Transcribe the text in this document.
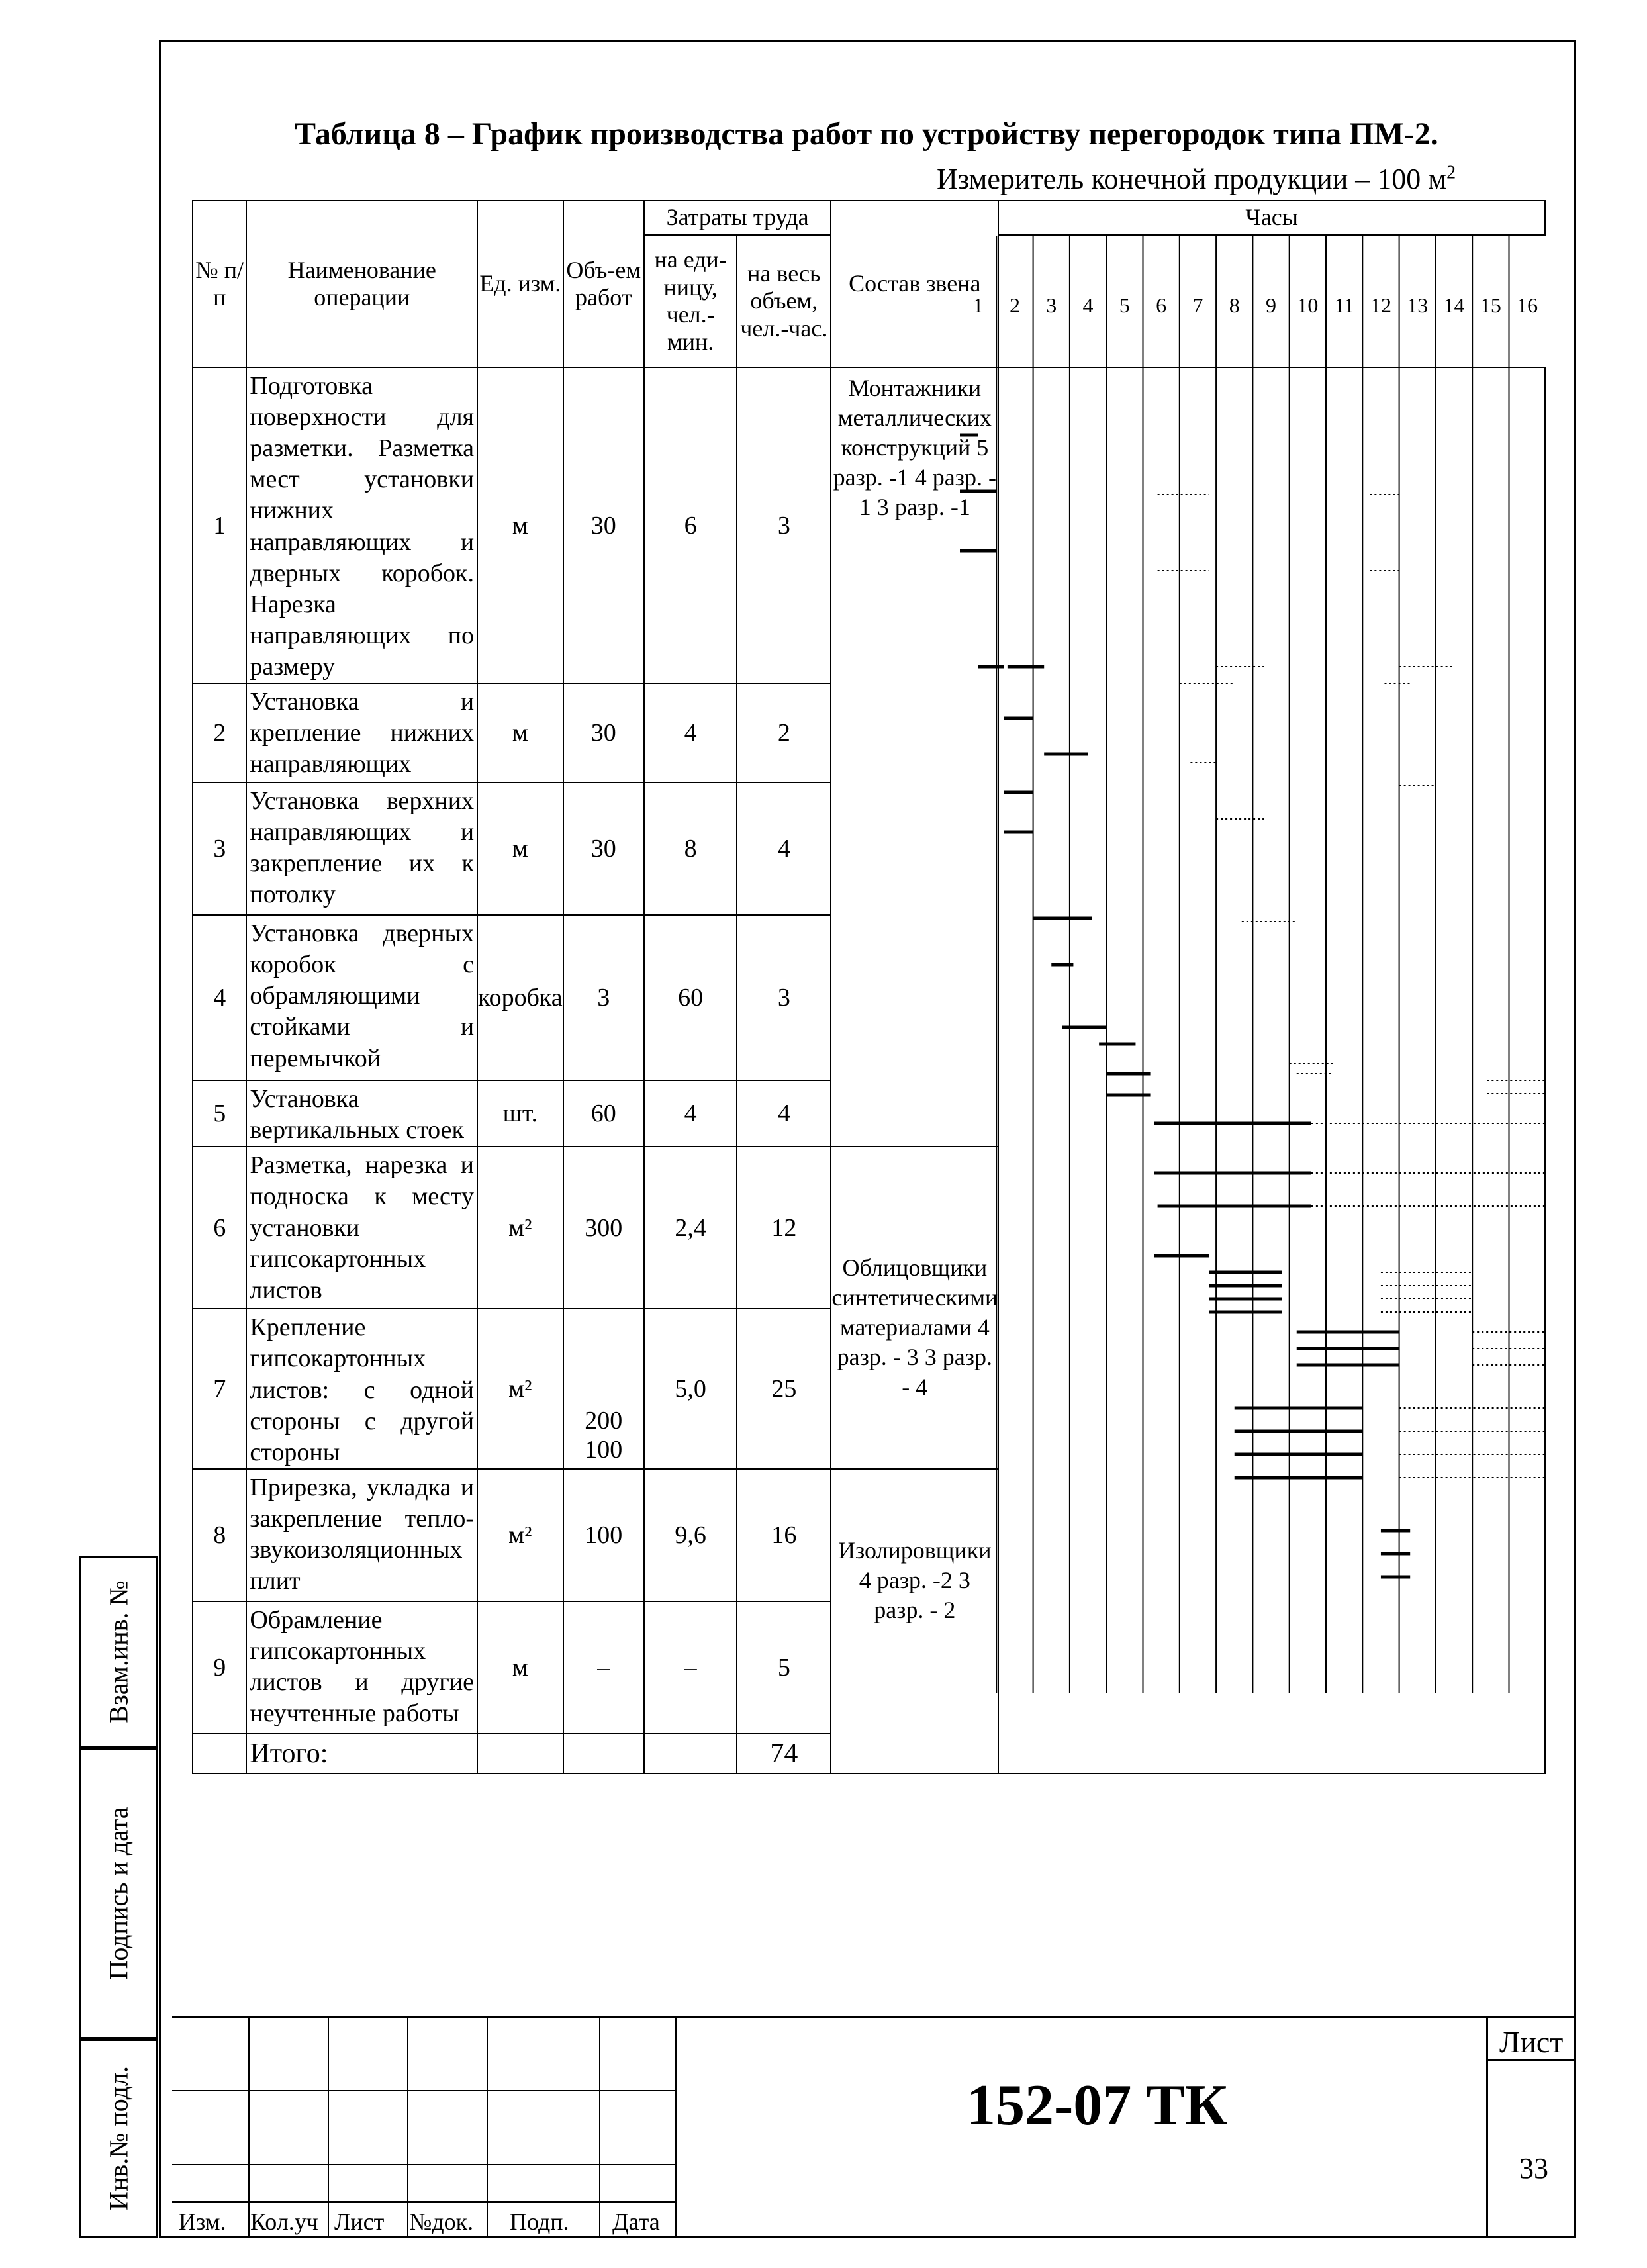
Таблица 8 – График производства работ по устройству перегородок типа ПМ-2.
Измеритель конечной продукции – 100 $м^2$
№ п/п	Наименование операции	Ед. изм.	Объ-ем работ	Затраты труда		Состав звена	Часы
				на еди-ницу, чел.-мин.	на весь объем, чел.-час.		
1	Подготовка поверхности для разметки. Разметка мест установки нижних направляющих и дверных коробок. Нарезка направляющих по размеру	м	30	6	3	Монтажники металлических конструкций 5 разр. -1 4 разр. - 1 3 разр. -1	
2	Установка и крепление нижних направляющих	м	30	4	2		
3	Установка верхних направляющих и закрепление их к потолку	м	30	8	4		
4	Установка дверных коробок с обрамляющими стойками и перемычкой	коробка	3	60	3		
5	Установка вертикальных стоек	шт.	60	4	4		
6	Разметка, нарезка и подноска к месту установки гипсокартонных листов	м²	300	2,4	12	Облицовщики синтетическими материалами 4 разр. - 3 3 разр. - 4	
7	Крепление гипсокартонных листов: с одной стороны с другой стороны	м²	200 100	5,0	25		
8	Прирезка, укладка и закрепление тепло-звукоизоляционных плит	м²	100	9,6	16	Изолировщики 4 разр. -2 3 разр. - 2	
9	Обрамление гипсокартонных листов и другие неучтенные работы	м	–	–	5		
	Итого:				74		
1 2 3 4 5 6 7 8 9 10 11 12 13 14 15 16
Взам.инв. №
Подпись и дата
Инв.№ подл.
Изм. Кол.уч Лист №док. Подп. Дата
152-07 ТК
Лист
33
